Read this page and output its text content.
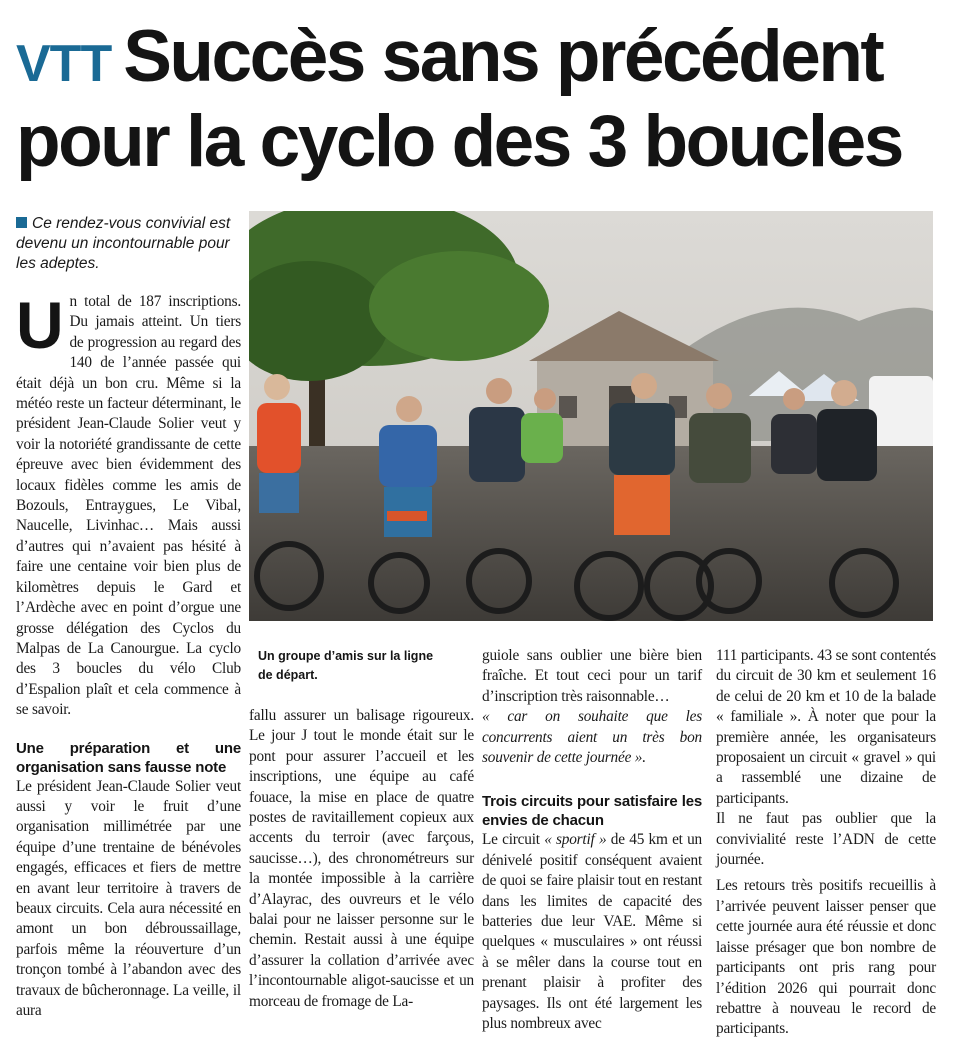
VTT Succès sans précédent
pour la cyclo des 3 boucles

Ce rendez-vous convivial est devenu un incontournable pour les adeptes.

Un groupe d’amis sur la ligne de départ.

Un total de 187 inscriptions. Du jamais atteint. Un tiers de progression au regard des 140 de l’année passée qui était déjà un bon cru. Même si la météo reste un facteur déterminant, le président Jean-Claude Solier veut y voir la notoriété grandissante de cette épreuve avec bien évidemment des locaux fidèles comme les amis de Bozouls, Entraygues, Le Vibal, Naucelle, Livinhac… Mais aussi d’autres qui n’avaient pas hésité à faire une centaine voir bien plus de kilomètres depuis le Gard et l’Ardèche avec en point d’orgue une grosse délégation des Cyclos du Malpas de La Canourgue. La cyclo des 3 boucles du vélo Club d’Espalion plaît et cela commence à se savoir.

Une préparation et une organisation sans fausse note

Le président Jean-Claude Solier veut aussi y voir le fruit d’une organisation millimétrée par une équipe d’une trentaine de bénévoles engagés, efficaces et fiers de mettre en avant leur territoire à travers de beaux circuits. Cela aura nécessité en amont un bon débroussaillage, parfois même la réouverture d’un tronçon tombé à l’abandon avec des travaux de bûcheronnage. La veille, il aura

fallu assurer un balisage rigoureux. Le jour J tout le monde était sur le pont pour assurer l’accueil et les inscriptions, une équipe au café fouace, la mise en place de quatre postes de ravitaillement copieux aux accents du terroir (avec farçous, saucisse…), des chronométreurs sur la montée impossible à la carrière d’Alayrac, des ouvreurs et le vélo balai pour ne laisser personne sur le chemin. Restait aussi à une équipe d’assurer la collation d’arrivée avec l’incontournable aligot-saucisse et un morceau de fromage de La-

guiole sans oublier une bière bien fraîche. Et tout ceci pour un tarif d’inscription très raisonnable…

« car on souhaite que les concurrents aient un très bon souvenir de cette journée ».

Trois circuits pour satisfaire les envies de chacun

Le circuit « sportif » de 45 km et un dénivelé positif conséquent avaient de quoi se faire plaisir tout en restant dans les limites de capacité des batteries due leur VAE. Même si quelques « musculaires » ont réussi à se mêler dans la course tout en prenant plaisir à profiter des paysages. Ils ont été largement les plus nombreux avec

111 participants. 43 se sont contentés du circuit de 30 km et seulement 16 de celui de 20 km et 10 de la balade « familiale ». À noter que pour la première année, les organisateurs proposaient un circuit « gravel » qui a rassemblé une dizaine de participants.

Il ne faut pas oublier que la convivialité reste l’ADN de cette journée.

Les retours très positifs recueillis à l’arrivée peuvent laisser penser que cette journée aura été réussie et donc laisse présager que bon nombre de participants ont pris rang pour l’édition 2026 qui pourrait donc rebattre à nouveau le record de participants.
